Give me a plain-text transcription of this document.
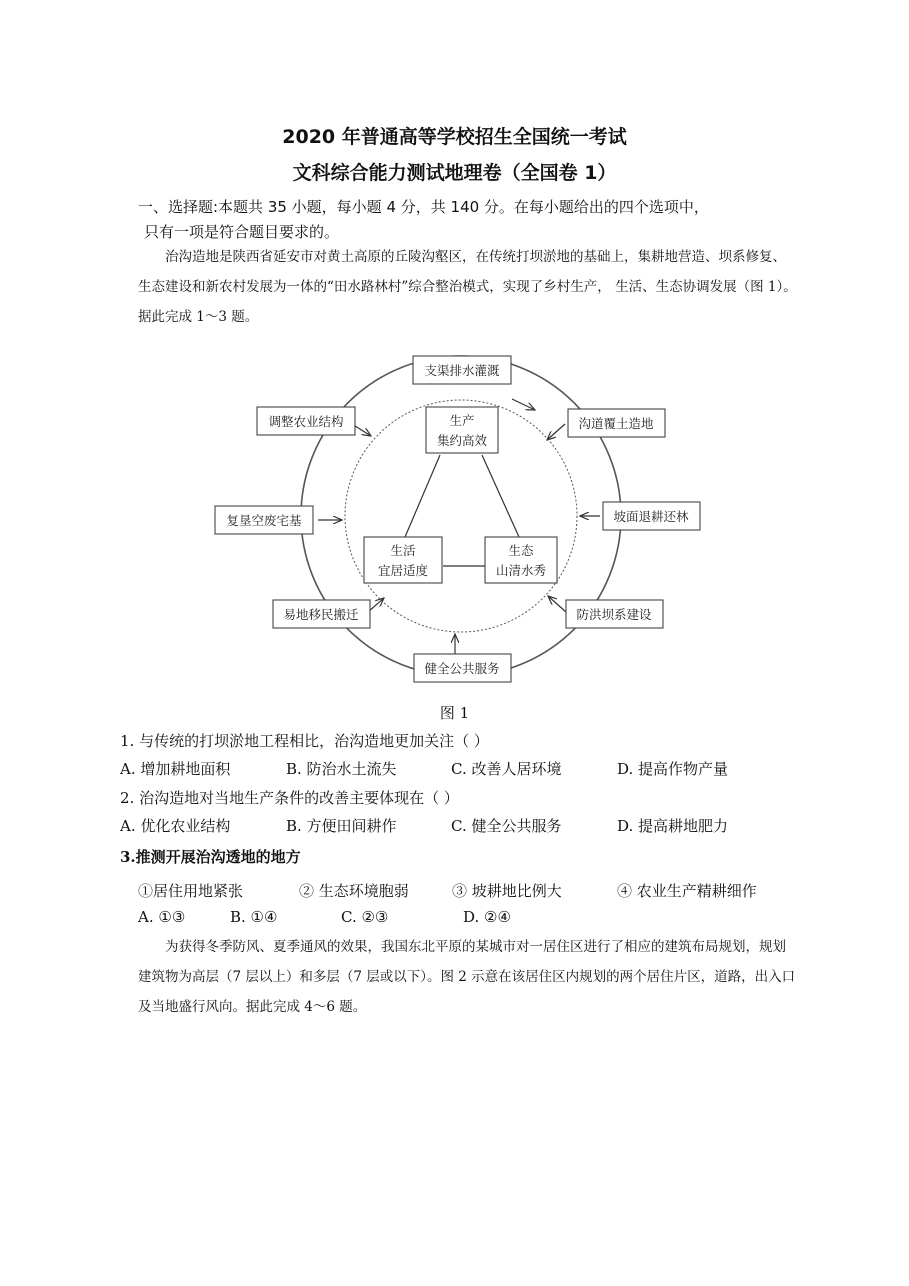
2020 年普通高等学校招生全国统一考试
文科综合能力测试地理卷（全国卷 1）
一、选择题:本题共 35 小题，每小题 4 分，共 140 分。在每小题给出的四个选项中，
只有一项是符合题目要求的。
治沟造地是陕西省延安市对黄土高原的丘陵沟壑区，在传统打坝淤地的基础上，集耕地营造、坝系修复、生态建设和新农村发展为一体的“田水路林村”综合整治模式，实现了乡村生产， 生活、生态协调发展（图 1）。据此完成 1～3 题。
支渠排水灌溉
沟道覆土造地
坡面退耕还林
防洪坝系建设
健全公共服务
易地移民搬迁
复垦空废宅基
调整农业结构	生产
集约高效
生活
宜居适度
生态
山清水秀
图 1
1. 与传统的打坝淤地工程相比，治沟造地更加关注（ ）
A. 增加耕地面积	B. 防治水土流失	C. 改善人居环境	D. 提高作物产量
2. 治沟造地对当地生产条件的改善主要体现在（ ）
A. 优化农业结构	B. 方便田间耕作	C. 健全公共服务	D. 提高耕地肥力
3.推测开展治沟透地的地方
①居住用地紧张	② 生态环境胞弱	③ 坡耕地比例大	④ 农业生产精耕细作
A. ①③	B. ①④	C. ②③	D. ②④
为获得冬季防风、夏季通风的效果，我国东北平原的某城市对一居住区进行了相应的建筑布局规划，规划建筑物为高层（7 层以上）和多层（7 层或以下）。图 2 示意在该居住区内规划的两个居住片区，道路，出入口及当地盛行风向。据此完成 4～6 题。
